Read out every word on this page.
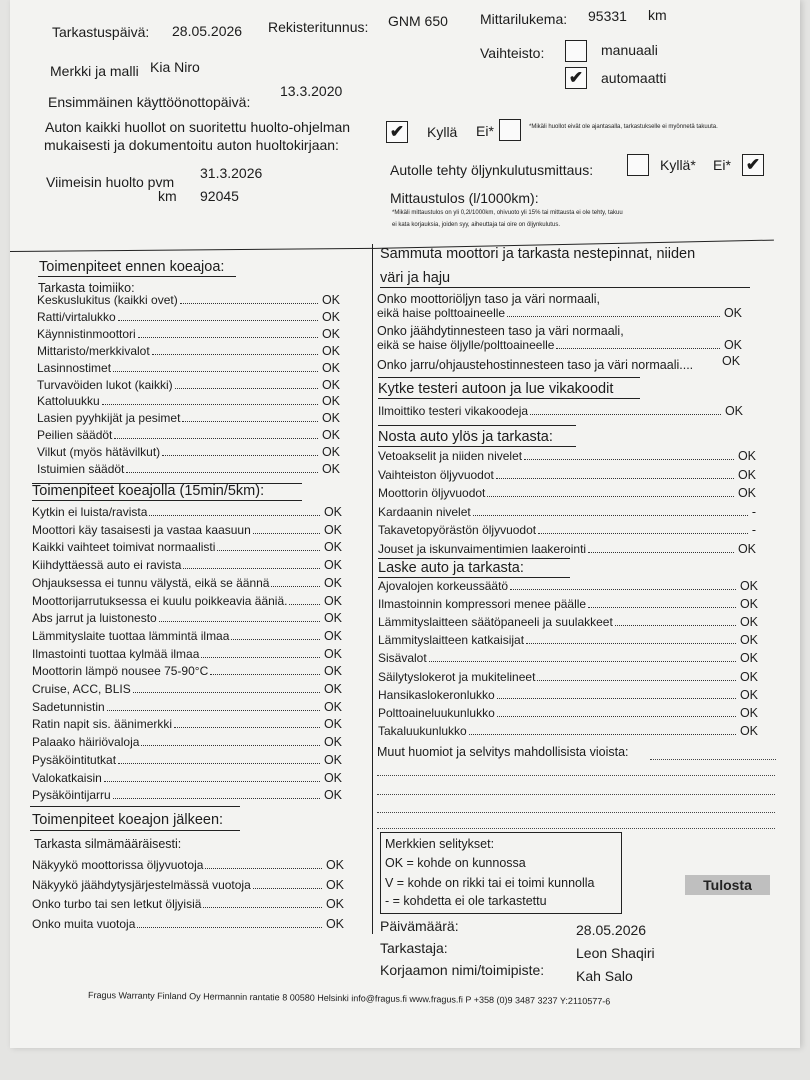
Tarkastuspäivä: 28.05.2026 Rekisteritunnus: GNM 650 Mittarilukema: 95331 km
Merkki ja malli Kia Niro
Vaihteisto:	manuaali
✔ automaatti
Ensimmäinen käyttöönottopäivä:
13.3.2020
Auton kaikki huollot on suoritettu huolto-ohjelman
mukaisesti ja dokumentoitu auton huoltokirjaan:
✔ Kyllä Ei*	*Mikäli huollot eivät ole ajantasalla, tarkastukselle ei myönnetä takuuta.
Viimeisin huolto pvm
31.3.2026
km 92045
Autolle tehty öljynkulutusmittaus:	Kyllä* Ei* ✔
Mittaustulos (l/1000km):
*Mikäli mittaustulos on yli 0,2l/1000km, ohivuoto yli 15% tai mittausta ei ole tehty, takuu
ei kata korjauksia, joiden syy, aiheuttaja tai oire on öljynkulutus.
Toimenpiteet ennen koeajoa:
Tarkasta toimiiko:
Keskuslukitus (kaikki ovet)	OK
Ratti/virtalukko	OK
Käynnistinmoottori	OK
Mittaristo/merkkivalot	OK
Lasinnostimet	OK
Turvavöiden lukot (kaikki)	OK
Kattoluukku	OK
Lasien pyyhkijät ja pesimet	OK
Peilien säädöt	OK
Vilkut (myös hätävilkut)	OK
Istuimien säädöt	OK
Toimenpiteet koeajolla (15min/5km):
Kytkin ei luista/ravista	OK
Moottori käy tasaisesti ja vastaa kaasuun	OK
Kaikki vaihteet toimivat normaalisti	OK
Kiihdyttäessä auto ei ravista	OK
Ohjauksessa ei tunnu välystä, eikä se äännä	OK
Moottorijarrutuksessa ei kuulu poikkeavia ääniä.	OK
Abs jarrut ja luistonesto	OK
Lämmityslaite tuottaa lämmintä ilmaa	OK
Ilmastointi tuottaa kylmää ilmaa	OK
Moottorin lämpö nousee 75-90°C	OK
Cruise, ACC, BLIS	OK
Sadetunnistin	OK
Ratin napit sis. äänimerkki	OK
Palaako häiriövaloja	OK
Pysäköintitutkat	OK
Valokatkaisin	OK
Pysäköintijarru	OK
Toimenpiteet koeajon jälkeen:
Tarkasta silmämääräisesti:
Näkyykö moottorissa öljyvuotoja	OK
Näkyykö jäähdytysjärjestelmässä vuotoja	OK
Onko turbo tai sen letkut öljyisiä	OK
Onko muita vuotoja	OK
Sammuta moottori ja tarkasta nestepinnat, niiden
väri ja haju
Onko moottoriöljyn taso ja väri normaali,
eikä haise polttoaineelle	OK
Onko jäähdytinnesteen taso ja väri normaali,
eikä se haise öljylle/polttoaineelle	OK
Onko jarru/ohjaustehostinnesteen taso ja väri normaali.... OK
Kytke testeri autoon ja lue vikakoodit
Ilmoittiko testeri vikakoodeja	OK
Nosta auto ylös ja tarkasta:
Vetoakselit ja niiden nivelet	OK
Vaihteiston öljyvuodot	OK
Moottorin öljyvuodot	OK
Kardaanin nivelet	-
Takavetopyörästön öljyvuodot	-
Jouset ja iskunvaimentimien laakerointi	OK
Laske auto ja tarkasta:
Ajovalojen korkeussäätö	OK
Ilmastoinnin kompressori menee päälle	OK
Lämmityslaitteen säätöpaneeli ja suulakkeet	OK
Lämmityslaitteen katkaisijat	OK
Sisävalot	OK
Säilytyslokerot ja mukitelineet	OK
Hansikaslokeronlukko	OK
Polttoaineluukunlukko	OK
Takaluukunlukko	OK
Muut huomiot ja selvitys mahdollisista vioista:
Merkkien selitykset:
OK = kohde on kunnossa
V = kohde on rikki tai ei toimi kunnolla
- = kohdetta ei ole tarkastettu
Tulosta
Päivämäärä:	28.05.2026
Tarkastaja:	Leon Shaqiri
Korjaamon nimi/toimipiste: Kah Salo
Fragus Warranty Finland Oy Hermannin rantatie 8 00580 Helsinki info@fragus.fi www.fragus.fi P +358 (0)9 3487 3237 Y:2110577-6
